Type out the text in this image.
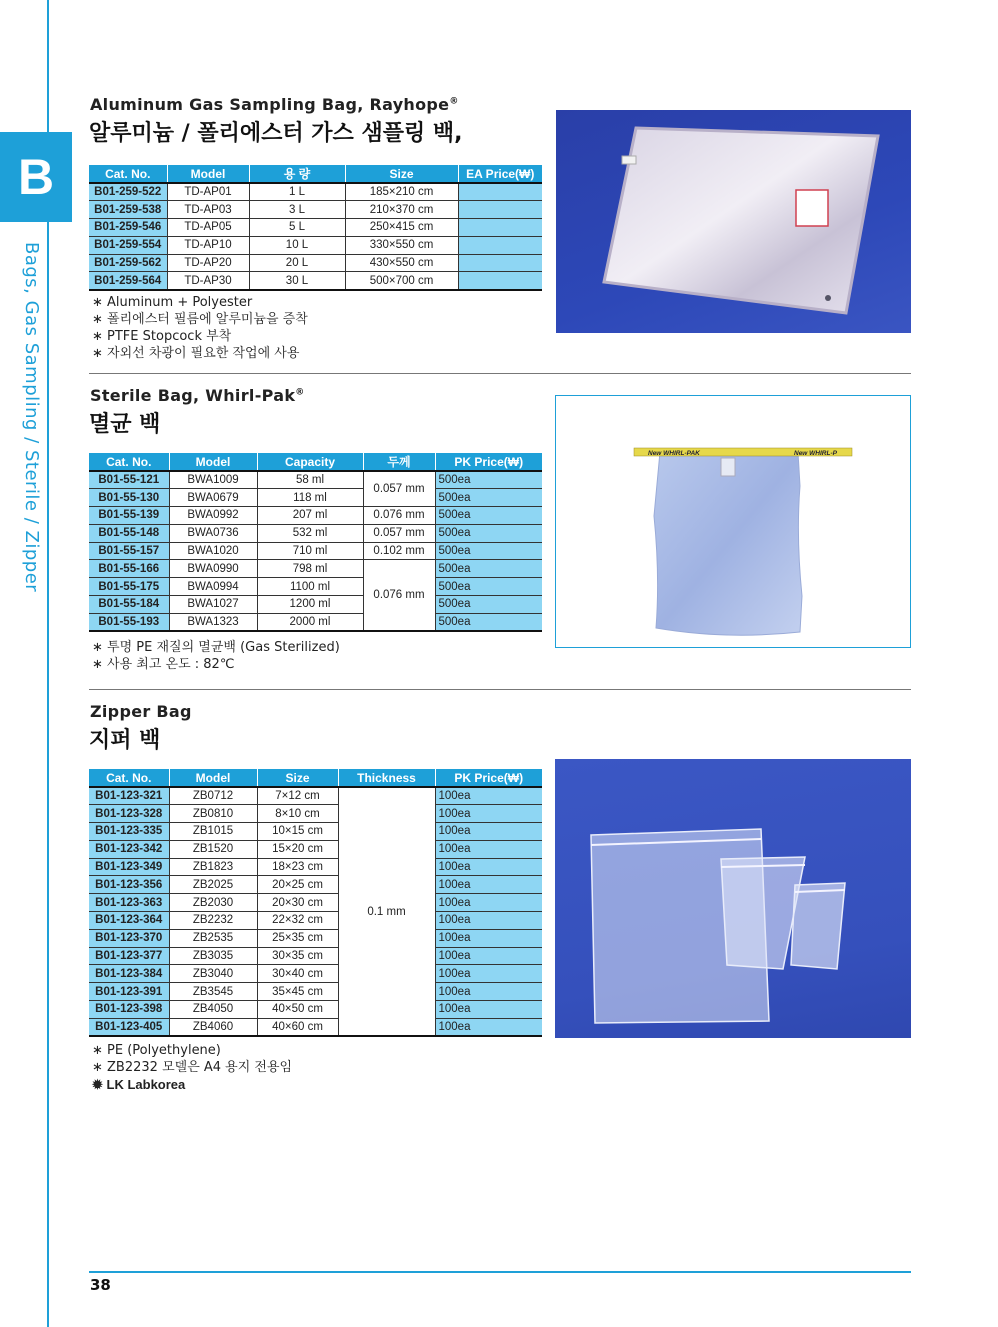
B
Bags, Gas Sampling / Sterile / Zipper
Aluminum Gas Sampling Bag, Rayhope®
알루미늄 / 폴리에스터 가스 샘플링 백,
Cat. No.	Model	용 량	Size	EA Price(₩)
B01-259-522	TD-AP01	1 L	185×210 cm	
B01-259-538	TD-AP03	3 L	210×370 cm	
B01-259-546	TD-AP05	5 L	250×415 cm	
B01-259-554	TD-AP10	10 L	330×550 cm	
B01-259-562	TD-AP20	20 L	430×550 cm	
B01-259-564	TD-AP30	30 L	500×700 cm	
∗ Aluminum + Polyester
∗ 폴리에스터 필름에 알루미늄을 증착
∗ PTFE Stopcock 부착
∗ 자외선 차광이 필요한 작업에 사용
Sterile Bag, Whirl-Pak®
멸균 백
Cat. No.	Model	Capacity	두께	PK Price(₩)
B01-55-121	BWA1009	58 ml	0.057 mm	500ea
B01-55-130	BWA0679	118 ml		500ea
B01-55-139	BWA0992	207 ml	0.076 mm	500ea
B01-55-148	BWA0736	532 ml	0.057 mm	500ea
B01-55-157	BWA1020	710 ml	0.102 mm	500ea
B01-55-166	BWA0990	798 ml	0.076 mm	500ea
B01-55-175	BWA0994	1100 ml		500ea
B01-55-184	BWA1027	1200 ml		500ea
B01-55-193	BWA1323	2000 ml		500ea
∗ 투명 PE 재질의 멸균백 (Gas Sterilized)
∗ 사용 최고 온도 : 82℃
New WHIRL-PAK	New WHIRL-P
Zipper Bag
지퍼 백
Cat. No.	Model	Size	Thickness	PK Price(₩)
B01-123-321	ZB0712	7×12 cm	0.1 mm	100ea
B01-123-328	ZB0810	8×10 cm		100ea
B01-123-335	ZB1015	10×15 cm		100ea
B01-123-342	ZB1520	15×20 cm		100ea
B01-123-349	ZB1823	18×23 cm		100ea
B01-123-356	ZB2025	20×25 cm		100ea
B01-123-363	ZB2030	20×30 cm		100ea
B01-123-364	ZB2232	22×32 cm		100ea
B01-123-370	ZB2535	25×35 cm		100ea
B01-123-377	ZB3035	30×35 cm		100ea
B01-123-384	ZB3040	30×40 cm		100ea
B01-123-391	ZB3545	35×45 cm		100ea
B01-123-398	ZB4050	40×50 cm		100ea
B01-123-405	ZB4060	40×60 cm		100ea
∗ PE (Polyethylene)
∗ ZB2232 모델은 A4 용지 전용임
✹ LK Labkorea
38
